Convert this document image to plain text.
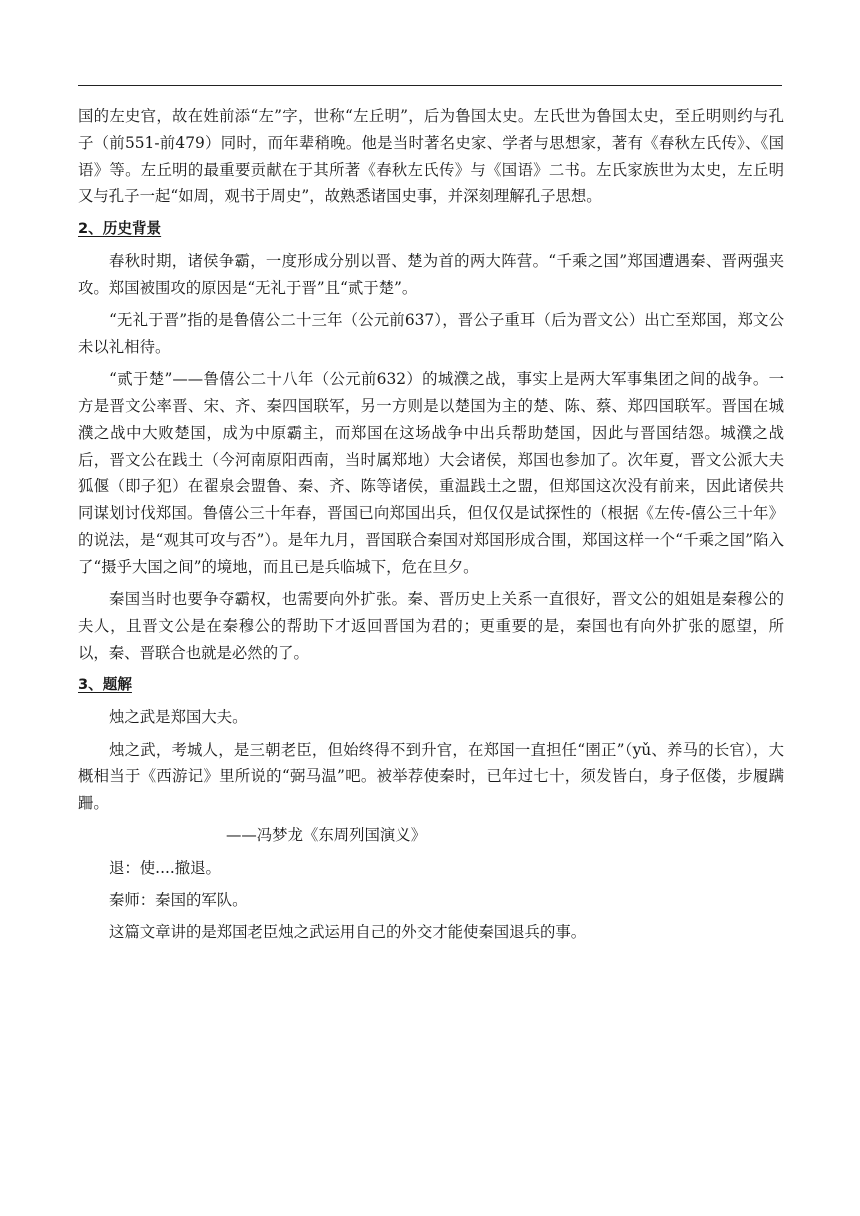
国的左史官，故在姓前添“左”字，世称“左丘明”，后为鲁国太史。左氏世为鲁国太史，至丘明则约与孔子（前551-前479）同时，而年辈稍晚。他是当时著名史家、学者与思想家，著有《春秋左氏传》、《国语》等。左丘明的最重要贡献在于其所著《春秋左氏传》与《国语》二书。左氏家族世为太史，左丘明又与孔子一起“如周，观书于周史”，故熟悉诸国史事，并深刻理解孔子思想。

2、历史背景

春秋时期，诸侯争霸，一度形成分别以晋、楚为首的两大阵营。“千乘之国”郑国遭遇秦、晋两强夹攻。郑国被围攻的原因是“无礼于晋”且“贰于楚”。

“无礼于晋”指的是鲁僖公二十三年（公元前637），晋公子重耳（后为晋文公）出亡至郑国，郑文公未以礼相待。

“贰于楚”——鲁僖公二十八年（公元前632）的城濮之战，事实上是两大军事集团之间的战争。一方是晋文公率晋、宋、齐、秦四国联军，另一方则是以楚国为主的楚、陈、蔡、郑四国联军。晋国在城濮之战中大败楚国，成为中原霸主，而郑国在这场战争中出兵帮助楚国，因此与晋国结怨。城濮之战后，晋文公在践土（今河南原阳西南，当时属郑地）大会诸侯，郑国也参加了。次年夏，晋文公派大夫狐偃（即子犯）在翟泉会盟鲁、秦、齐、陈等诸侯，重温践土之盟，但郑国这次没有前来，因此诸侯共同谋划讨伐郑国。鲁僖公三十年春，晋国已向郑国出兵，但仅仅是试探性的（根据《左传-僖公三十年》的说法，是“观其可攻与否”）。是年九月，晋国联合秦国对郑国形成合围，郑国这样一个“千乘之国”陷入了“摄乎大国之间”的境地，而且已是兵临城下，危在旦夕。

秦国当时也要争夺霸权，也需要向外扩张。秦、晋历史上关系一直很好，晋文公的姐姐是秦穆公的夫人，且晋文公是在秦穆公的帮助下才返回晋国为君的；更重要的是，秦国也有向外扩张的愿望，所以，秦、晋联合也就是必然的了。

3、题解

烛之武是郑国大夫。

烛之武，考城人，是三朝老臣，但始终得不到升官，在郑国一直担任“圉正”（yǔ、养马的长官），大概相当于《西游记》里所说的“弼马温”吧。被举荐使秦时，已年过七十，须发皆白，身子伛偻，步履蹒跚。

——冯梦龙《东周列国演义》

退：使....撤退。

秦师：秦国的军队。

这篇文章讲的是郑国老臣烛之武运用自己的外交才能使秦国退兵的事。
